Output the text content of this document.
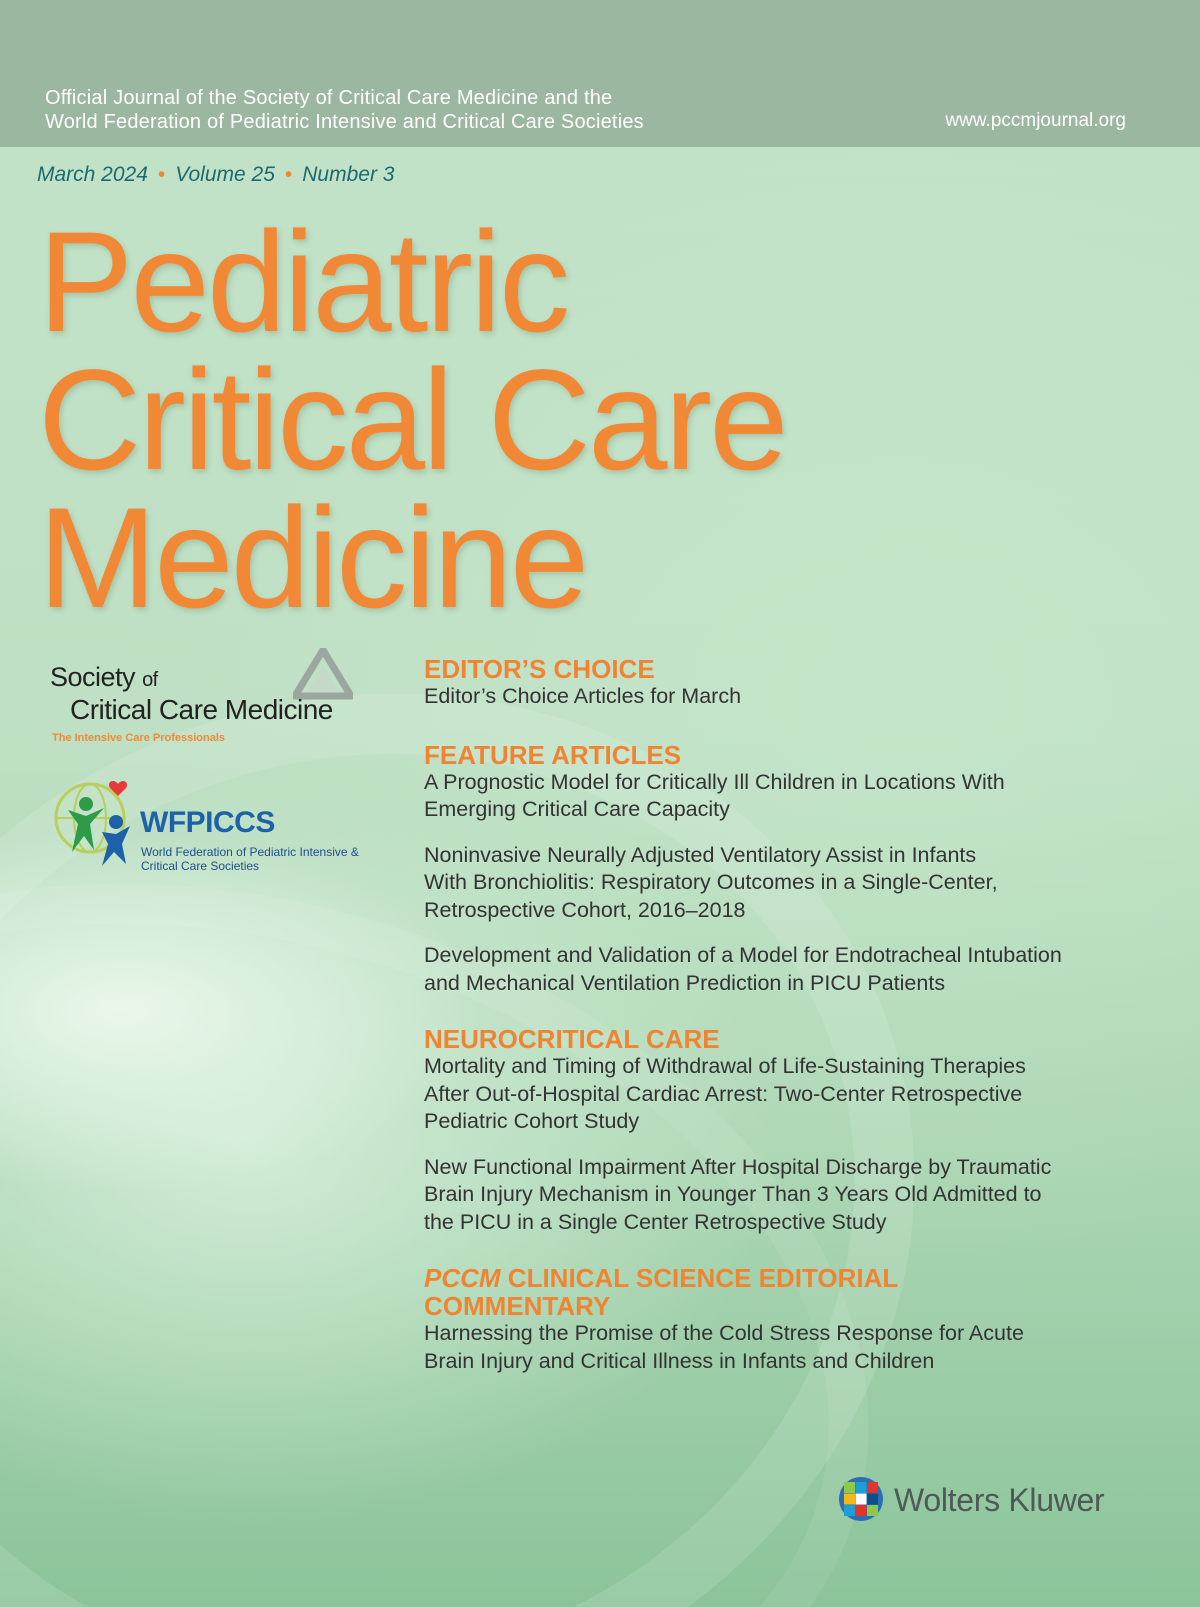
Official Journal of the Society of Critical Care Medicine and the
World Federation of Pediatric Intensive and Critical Care Societies	www.pccmjournal.org
March 2024 • Volume 25 • Number 3
Pediatric
Critical Care
Medicine
Society of
Critical Care Medicine
The Intensive Care Professionals
WFPICCS
World Federation of Pediatric Intensive &
Critical Care Societies
EDITOR’S CHOICE
Editor’s Choice Articles for March
FEATURE ARTICLES
A Prognostic Model for Critically Ill Children in Locations With
Emerging Critical Care Capacity
Noninvasive Neurally Adjusted Ventilatory Assist in Infants
With Bronchiolitis: Respiratory Outcomes in a Single-Center,
Retrospective Cohort, 2016–2018
Development and Validation of a Model for Endotracheal Intubation
and Mechanical Ventilation Prediction in PICU Patients
NEUROCRITICAL CARE
Mortality and Timing of Withdrawal of Life-Sustaining Therapies
After Out-of-Hospital Cardiac Arrest: Two-Center Retrospective
Pediatric Cohort Study
New Functional Impairment After Hospital Discharge by Traumatic
Brain Injury Mechanism in Younger Than 3 Years Old Admitted to
the PICU in a Single Center Retrospective Study
PCCM CLINICAL SCIENCE EDITORIAL
COMMENTARY
Harnessing the Promise of the Cold Stress Response for Acute
Brain Injury and Critical Illness in Infants and Children
Wolters Kluwer
